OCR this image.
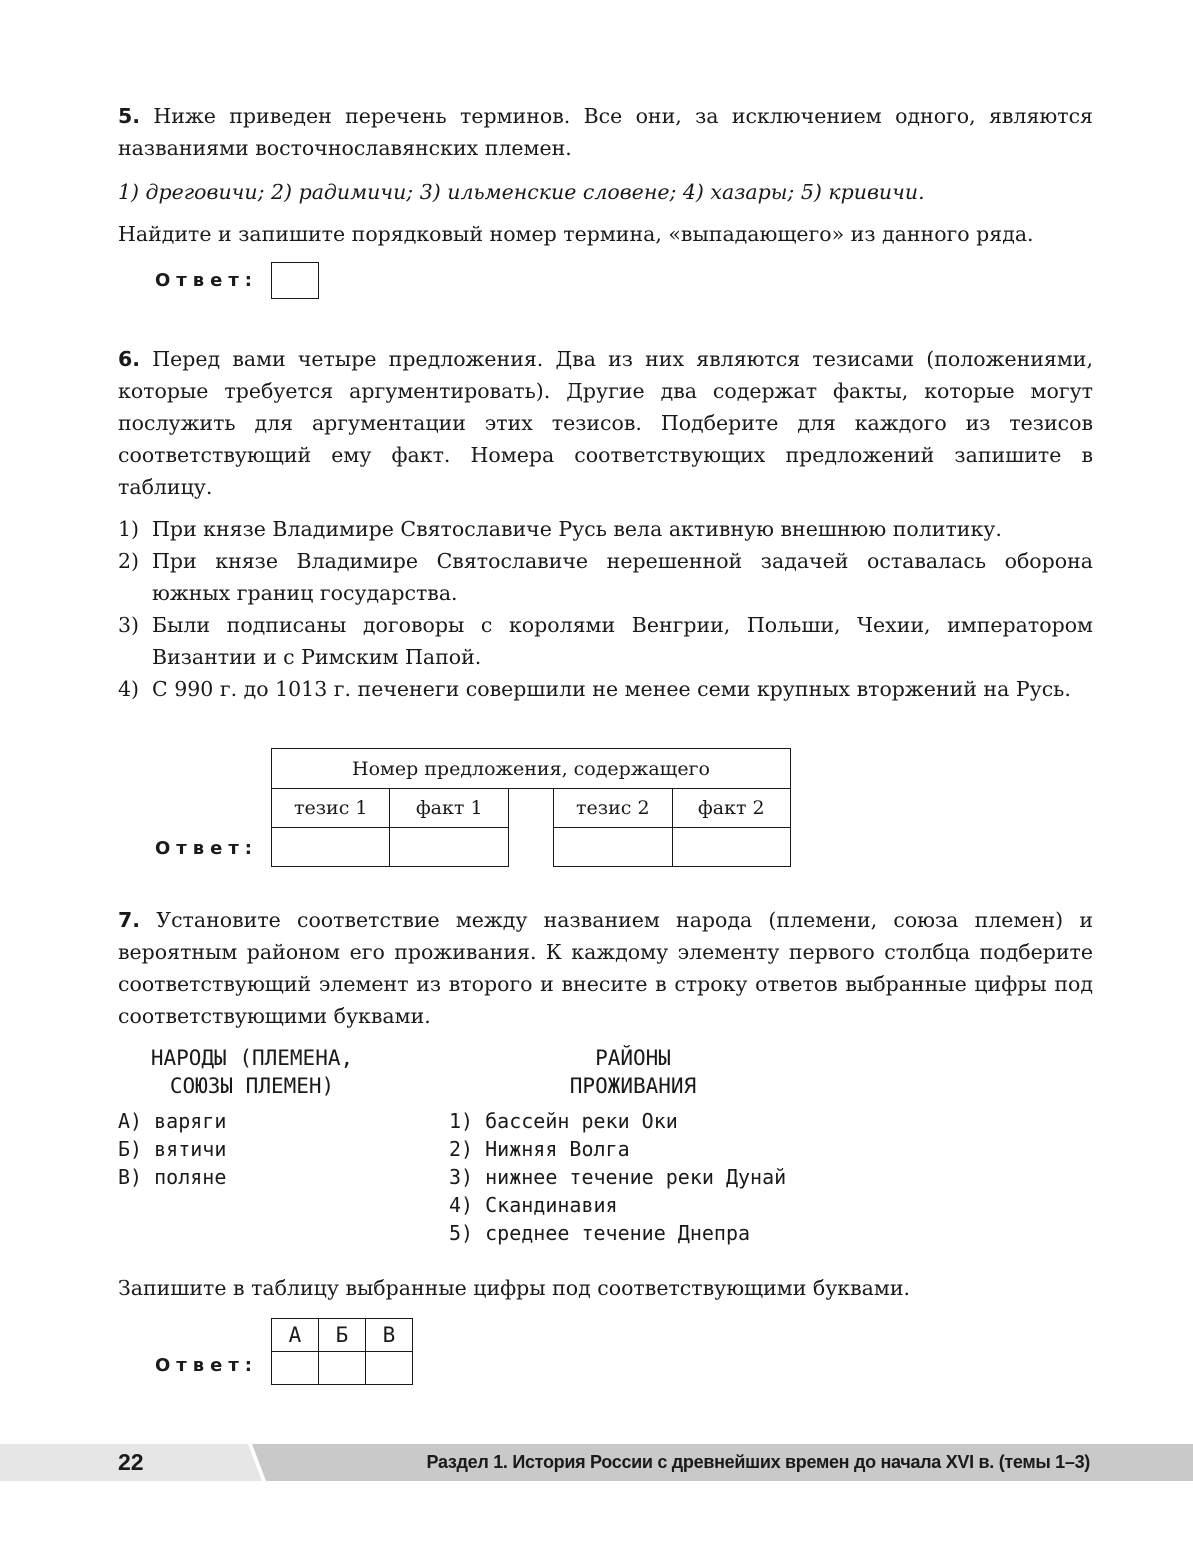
5. Ниже приведен перечень терминов. Все они, за исключением одного, являются названиями восточнославянских племен.

1) дреговичи; 2) радимичи; 3) ильменские словене; 4) хазары; 5) кривичи.

Найдите и запишите порядковый номер термина, «выпадающего» из данного ряда.

Ответ:

6. Перед вами четыре предложения. Два из них являются тезисами (положениями, которые требуется аргументировать). Другие два содержат факты, которые могут послужить для аргументации этих тезисов. Подберите для каждого из тезисов соответствующий ему факт. Номера соответствующих предложений запишите в таблицу.

1) При князе Владимире Святославиче Русь вела активную внешнюю политику.
2) При князе Владимире Святославиче нерешенной задачей оставалась оборона южных границ государства.
3) Были подписаны договоры с королями Венгрии, Польши, Чехии, императором Византии и с Римским Папой.
4) С 990 г. до 1013 г. печенеги совершили не менее семи крупных вторжений на Русь.
Номер предложения, содержащего				
тезис 1	факт 1		тезис 2	факт 2

Ответ:

7. Установите соответствие между названием народа (племени, союза племен) и вероятным районом его проживания. К каждому элементу первого столбца подберите соответствующий элемент из второго и внесите в строку ответов выбранные цифры под соответствующими буквами.

НАРОДЫ (ПЛЕМЕНА,
СОЮЗЫ ПЛЕМЕН)
РАЙОНЫ
ПРОЖИВАНИЯ
А) варяги
Б) вятичи
В) поляне
1) бассейн реки Оки
2) Нижняя Волга
3) нижнее течение реки Дунай
4) Скандинавия
5) среднее течение Днепра

Запишите в таблицу выбранные цифры под соответствующими буквами.

А	Б	В

Ответ:
22	Раздел 1. История России с древнейших времен до начала XVI в. (темы 1–3)
